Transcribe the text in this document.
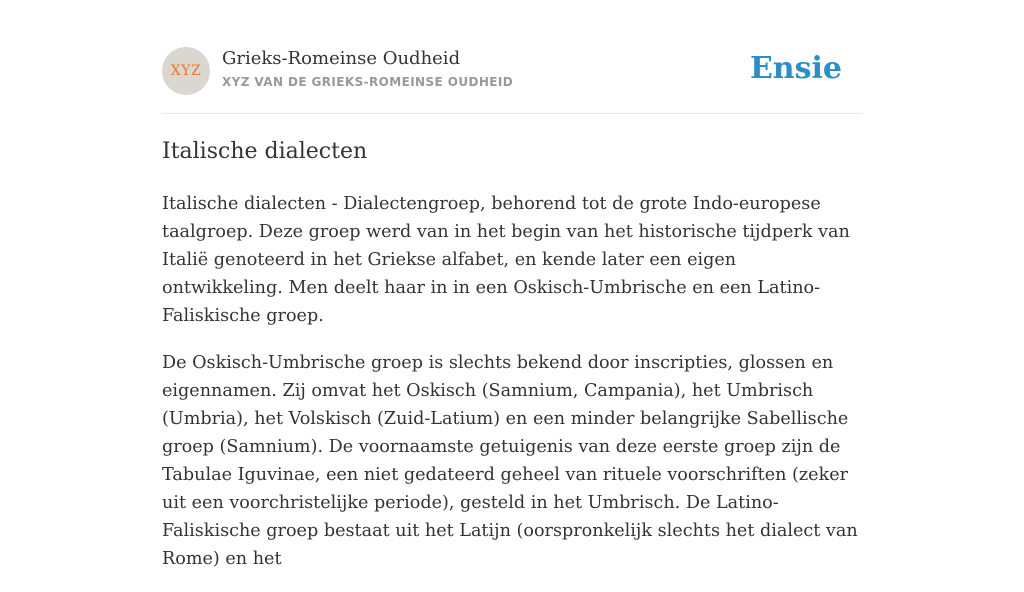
XYZ
Grieks-Romeinse Oudheid
XYZ VAN DE GRIEKS-ROMEINSE OUDHEID	Ensie
Italische dialecten

Italische dialecten - Dialectengroep, behorend tot de grote Indo-europese taalgroep. Deze groep werd van in het begin van het historische tijdperk van Italië genoteerd in het Griekse alfabet, en kende later een eigen ontwikkeling. Men deelt haar in in een Oskisch-Umbrische en een Latino-Faliskische groep.

De Oskisch-Umbrische groep is slechts bekend door inscripties, glossen en eigennamen. Zij omvat het Oskisch (Samnium, Campania), het Umbrisch (Umbria), het Volskisch (Zuid-Latium) en een minder belangrijke Sabellische groep (Samnium). De voornaamste getuigenis van deze eerste groep zijn de Tabulae Iguvinae, een niet gedateerd geheel van rituele voorschriften (zeker uit een voorchristelijke periode), gesteld in het Umbrisch. De Latino-Faliskische groep bestaat uit het Latijn (oorspronkelijk slechts het dialect van Rome) en het
